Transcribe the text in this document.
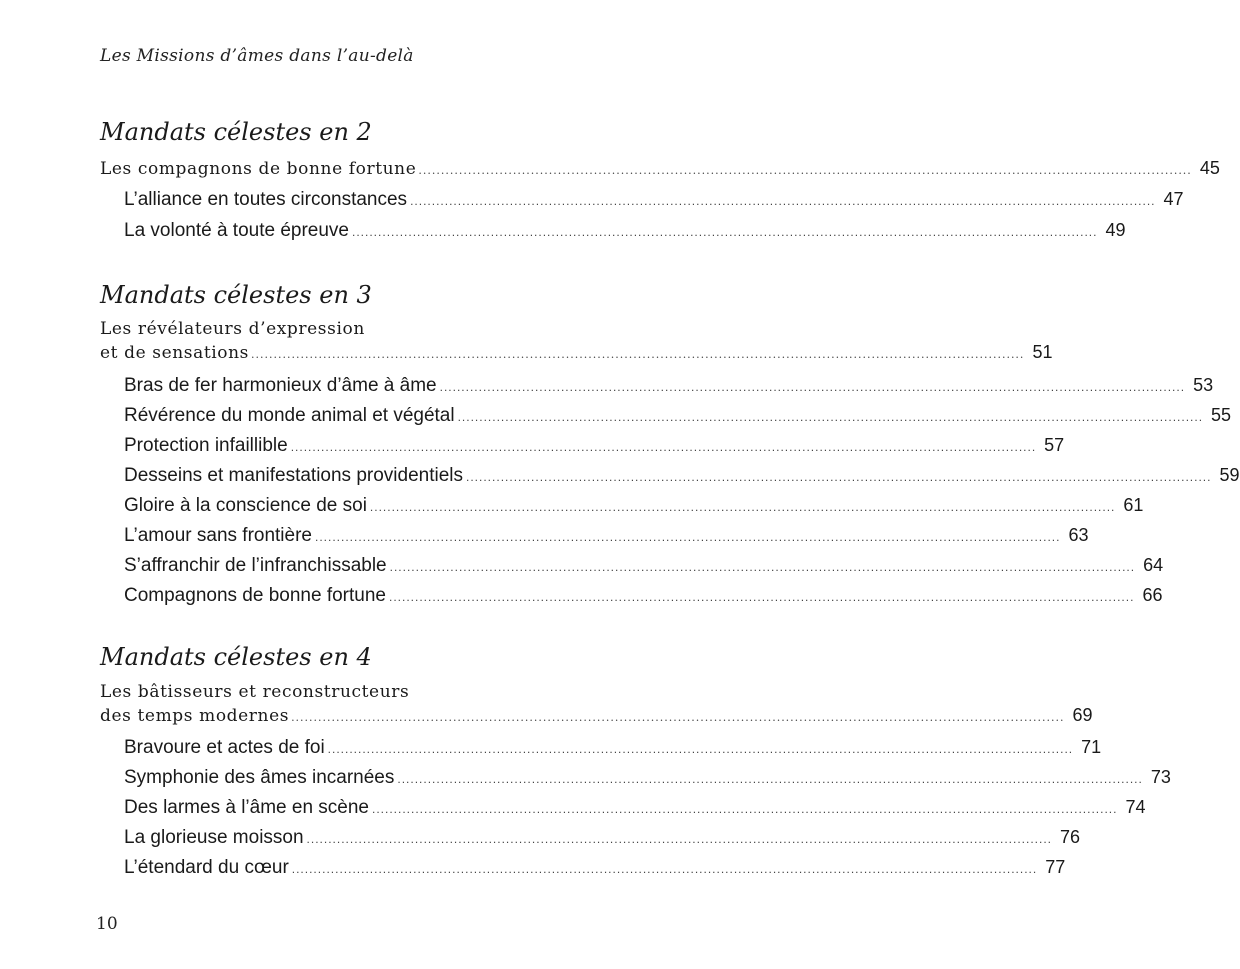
Les Missions d’âmes dans l’au-delà
Mandats célestes en 2
Les compagnons de bonne fortune ............................................................................................................................................................................ 45
L’alliance en toutes circonstances ............................................................................................................................................................................ 47
La volonté à toute épreuve ............................................................................................................................................................................ 49
Mandats célestes en 3
Les révélateurs d’expression
et de sensations ............................................................................................................................................................................ 51
Bras de fer harmonieux d’âme à âme ............................................................................................................................................................................ 53
Révérence du monde animal et végétal ............................................................................................................................................................................ 55
Protection infaillible ............................................................................................................................................................................ 57
Desseins et manifestations providentiels ............................................................................................................................................................................ 59
Gloire à la conscience de soi ............................................................................................................................................................................ 61
L’amour sans frontière ............................................................................................................................................................................ 63
S’affranchir de l’infranchissable ............................................................................................................................................................................ 64
Compagnons de bonne fortune ............................................................................................................................................................................ 66
Mandats célestes en 4
Les bâtisseurs et reconstructeurs
des temps modernes ............................................................................................................................................................................ 69
Bravoure et actes de foi ............................................................................................................................................................................ 71
Symphonie des âmes incarnées ............................................................................................................................................................................ 73
Des larmes à l’âme en scène ............................................................................................................................................................................ 74
La glorieuse moisson ............................................................................................................................................................................ 76
L’étendard du cœur ............................................................................................................................................................................ 77
10
